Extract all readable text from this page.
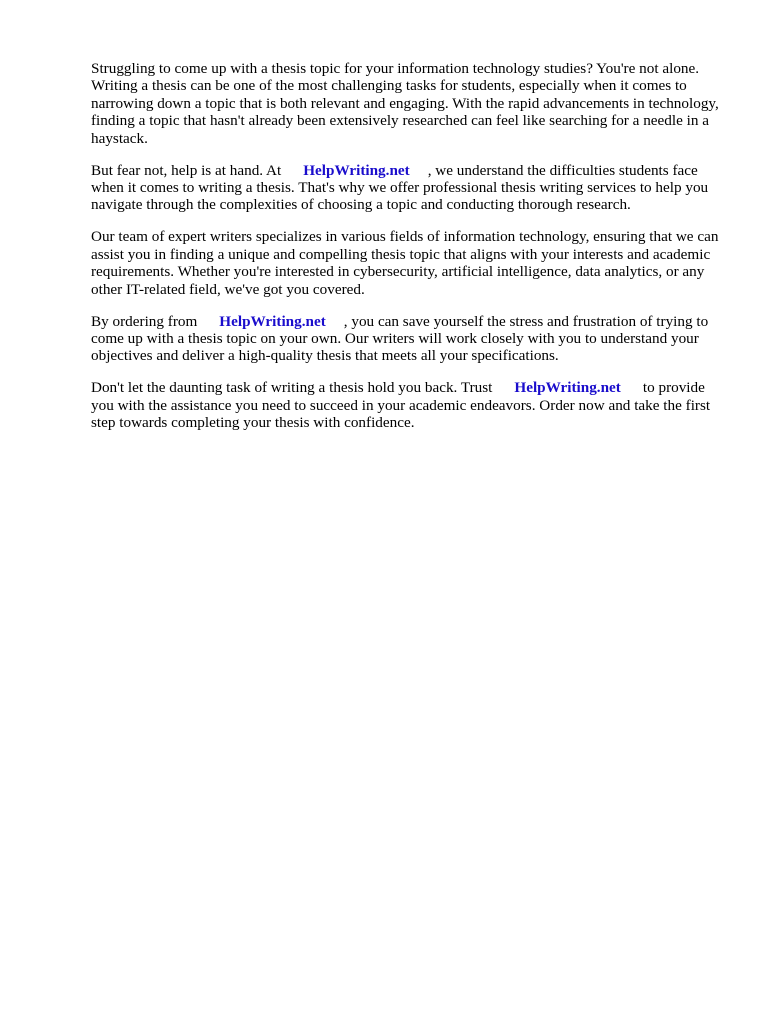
Struggling to come up with a thesis topic for your information technology studies? You're not alone. Writing a thesis can be one of the most challenging tasks for students, especially when it comes to narrowing down a topic that is both relevant and engaging. With the rapid advancements in technology, finding a topic that hasn't already been extensively researched can feel like searching for a needle in a haystack.

But fear not, help is at hand. At HelpWriting.net , we understand the difficulties students face when it comes to writing a thesis. That's why we offer professional thesis writing services to help you navigate through the complexities of choosing a topic and conducting thorough research.

Our team of expert writers specializes in various fields of information technology, ensuring that we can assist you in finding a unique and compelling thesis topic that aligns with your interests and academic requirements. Whether you're interested in cybersecurity, artificial intelligence, data analytics, or any other IT-related field, we've got you covered.

By ordering from HelpWriting.net , you can save yourself the stress and frustration of trying to come up with a thesis topic on your own. Our writers will work closely with you to understand your objectives and deliver a high-quality thesis that meets all your specifications.

Don't let the daunting task of writing a thesis hold you back. Trust HelpWriting.net to provide you with the assistance you need to succeed in your academic endeavors. Order now and take the first step towards completing your thesis with confidence.
